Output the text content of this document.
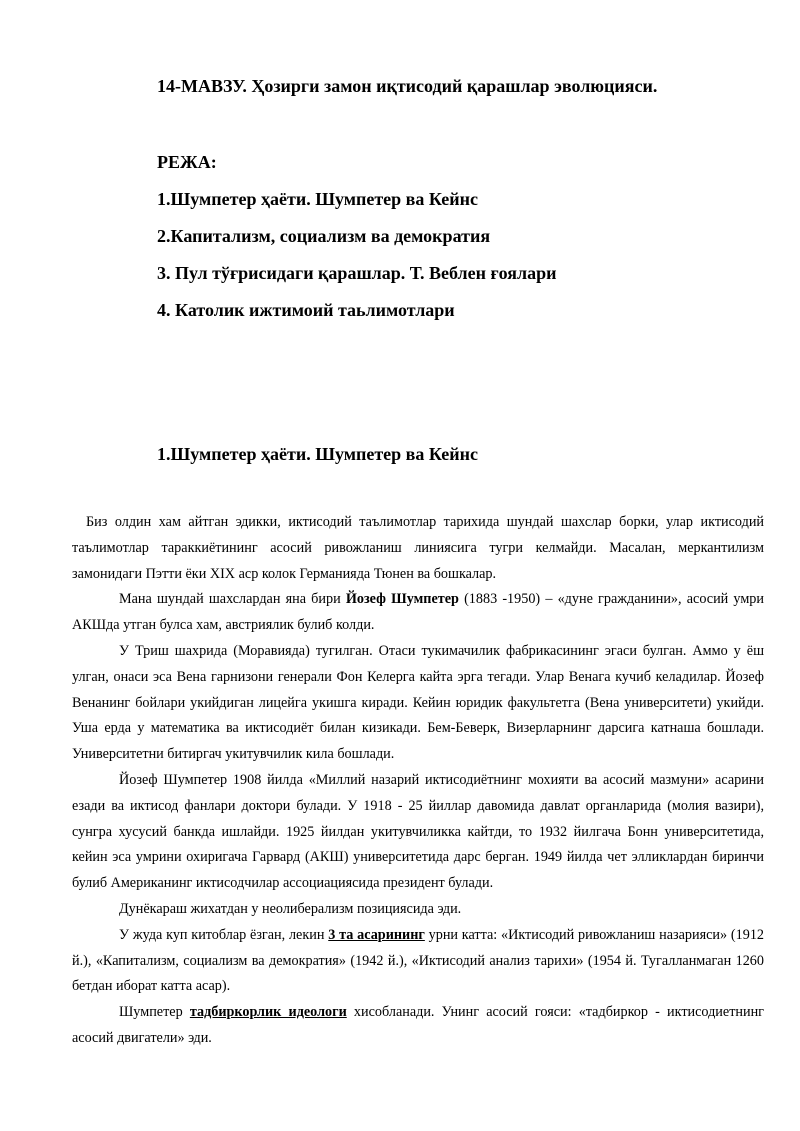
14-МАВЗУ. Ҳозирги замон иқтисодий қарашлар эволюцияси.
РЕЖА:
1.Шумпетер ҳаёти. Шумпетер ва Кейнс
2.Капитализм, социализм ва демократия
3. Пул тўғрисидаги қарашлар. Т. Веблен ғоялари
4. Католик ижтимоий таьлимотлари
1.Шумпетер ҳаёти. Шумпетер ва Кейнс

Биз олдин хам айтган эдикки, иктисодий таълимотлар тарихида шундай шахслар борки, улар иктисодий таълимотлар тараккиётининг асосий ривожланиш линиясига тугри келмайди. Масалан, меркантилизм замонидаги Пэтти ёки XIX аср колок Германияда Тюнен ва бошкалар.

Мана шундай шахслардан яна бири Йозеф Шумпетер (1883 -1950) – «дуне гражданини», асосий умри АКШда утган булса хам, австриялик булиб колди.

У Триш шахрида (Моравияда) тугилган. Отаси тукимачилик фабрикасининг эгаси булган. Аммо у ёш улган, онаси эса Вена гарнизони генерали Фон Келерга кайта эрга тегади. Улар Венага кучиб келадилар. Йозеф Венанинг бойлари укийдиган лицейга укишга киради. Кейин юридик факультетга (Вена университети) укийди. Уша ерда у математика ва иктисодиёт билан кизикади. Бем-Беверк, Визерларнинг дарсига катнаша бошлади. Университетни битиргач укитувчилик кила бошлади.

Йозеф Шумпетер 1908 йилда «Миллий назарий иктисодиётнинг мохияти ва асосий мазмуни» асарини езади ва иктисод фанлари доктори булади. У 1918 - 25 йиллар давомида давлат органларида (молия вазири), сунгра хусусий банкда ишлайди. 1925 йилдан укитувчиликка кайтди, то 1932 йилгача Бонн университетида, кейин эса умрини охиригача Гарвард (АКШ) университетида дарс берган. 1949 йилда чет элликлардан биринчи булиб Американинг иктисодчилар ассоциациясида президент булади.

Дунёкараш жихатдан у неолиберализм позициясида эди.

У жуда куп китоблар ёзган, лекин 3 та асарининг урни катта: «Иктисодий ривожланиш назарияси» (1912 й.), «Капитализм, социализм ва демократия» (1942 й.), «Иктисодий анализ тарихи» (1954 й. Тугалланмаган 1260 бетдан иборат катта асар).

Шумпетер тадбиркорлик идеологи хисобланади. Унинг асосий гояси: «тадбиркор - иктисодиетнинг асосий двигатели» эди.
